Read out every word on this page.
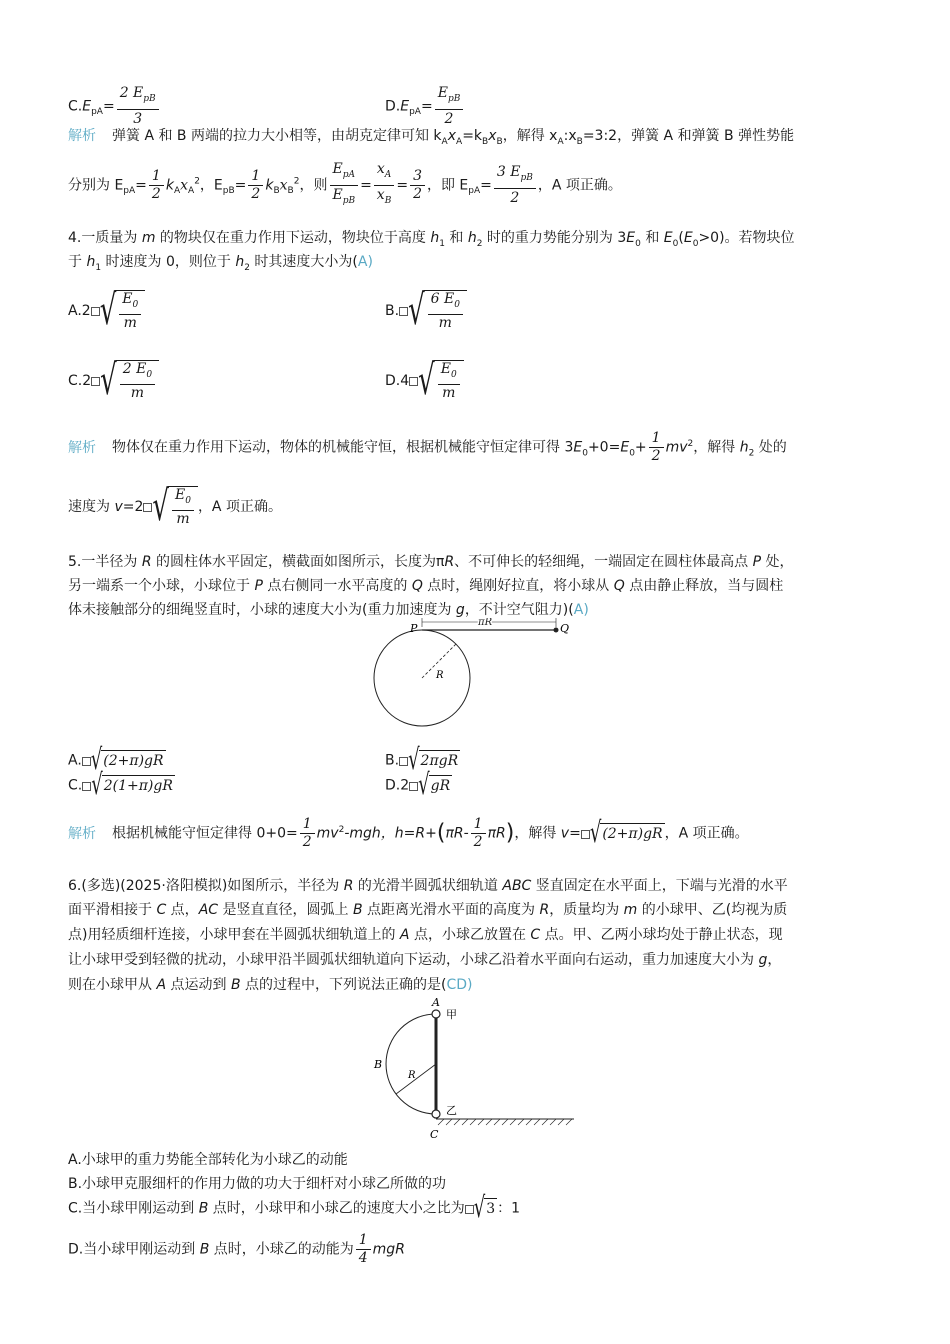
$C.E_{pA}= \frac{2 E_{pB}}{3}$	$D.E_{pA}= \frac{E_{pB}}{2}$
解析 弹簧 A 和 B 两端的拉力大小相等，由胡克定律可知 $k_Ax_A=k_Bx_B$，解得 $x_A:x_B=3:2$，弹簧 A 和弹簧 B 弹性势能
分别为 $E_{pA}= \frac{1}{2} k_Ax_A^2$，$E_{pB}= \frac{1}{2} k_Bx_B^2$，则 $\frac{E_{pA}}{E_{pB}} = \frac{x_A}{x_B} = \frac{3}{2}$ ，即 $E_{pA}= \frac{3 E_{pB}}{2}$ ，A 项正确。
4.一质量为 m 的物块仅在重力作用下运动，物块位于高度 $h_1$ 和 $h_2$ 时的重力势能分别为 $3E_0$ 和 $E_0(E_0>0)$。若物块位
于 $h_1$ 时速度为 0，则位于 $h_2$ 时其速度大小为(A)
A.2 √ $\frac{E_0}{m}$	B. √ $\frac{6 E_0}{m}$
C.2 √ $\frac{2 E_0}{m}$	D.4 √ $\frac{E_0}{m}$
解析 物体仅在重力作用下运动，物体的机械能守恒，根据机械能守恒定律可得 $3E_0+0=E_0+ \frac{1}{2} mv^2$，解得 $h_2$ 处的
速度为 v=2 √ $\frac{E_0}{m}$ ，A 项正确。
5.一半径为 R 的圆柱体水平固定，横截面如图所示，长度为πR、不可伸长的轻细绳，一端固定在圆柱体最高点 P 处，
另一端系一个小球，小球位于 P 点右侧同一水平高度的 Q 点时，绳刚好拉直，将小球从 Q 点由静止释放，当与圆柱
体未接触部分的细绳竖直时，小球的速度大小为(重力加速度为 g，不计空气阻力)(A)
P	Q
πR
R
A. √ (2+π)gR	B. √ 2πgR
C. √ 2(1+π)gR	D.2 √ gR
解析 根据机械能守恒定律得 $0+0= \frac{1}{2} mv^2-mgh$，$h=R+(\pi R- \frac{1}{2} \pi R)$，解得 v= √ (2+π)gR ，A 项正确。
6.(多选)(2025·洛阳模拟)如图所示，半径为 R 的光滑半圆弧状细轨道 ABC 竖直固定在水平面上，下端与光滑的水平
面平滑相接于 C 点，AC 是竖直直径，圆弧上 B 点距离光滑水平面的高度为 R，质量均为 m 的小球甲、乙(均视为质
点)用轻质细杆连接，小球甲套在半圆弧状细轨道上的 A 点，小球乙放置在 C 点。甲、乙两小球均处于静止状态，现
让小球甲受到轻微的扰动，小球甲沿半圆弧状细轨道向下运动，小球乙沿着水平面向右运动，重力加速度大小为 g，
则在小球甲从 A 点运动到 B 点的过程中，下列说法正确的是(CD)
A
B
C
R
甲
乙
A.小球甲的重力势能全部转化为小球乙的动能
B.小球甲克服细杆的作用力做的功大于细杆对小球乙所做的功
C.当小球甲刚运动到 B 点时，小球甲和小球乙的速度大小之比为 √ 3 ：1
D.当小球甲刚运动到 B 点时，小球乙的动能为 $\frac{1}{4}$ mgR
